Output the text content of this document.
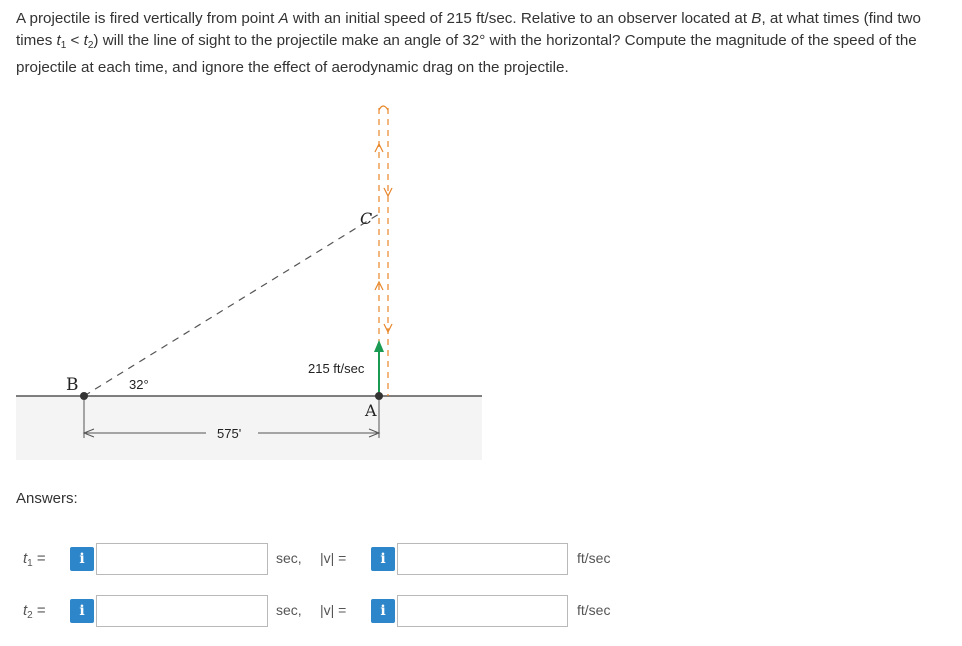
A projectile is fired vertically from point A with an initial speed of 215 ft/sec. Relative to an observer located at B, at what times (find two times $t_1 < t_2$) will the line of sight to the projectile make an angle of 32° with the horizontal? Compute the magnitude of the speed of the projectile at each time, and ignore the effect of aerodynamic drag on the projectile.
B
A
C
32°
215 ft/sec
575'
Answers:
$t_1$ =	i	sec, |v| =	i	ft/sec
$t_2$ =	i	sec, |v| =	i	ft/sec
